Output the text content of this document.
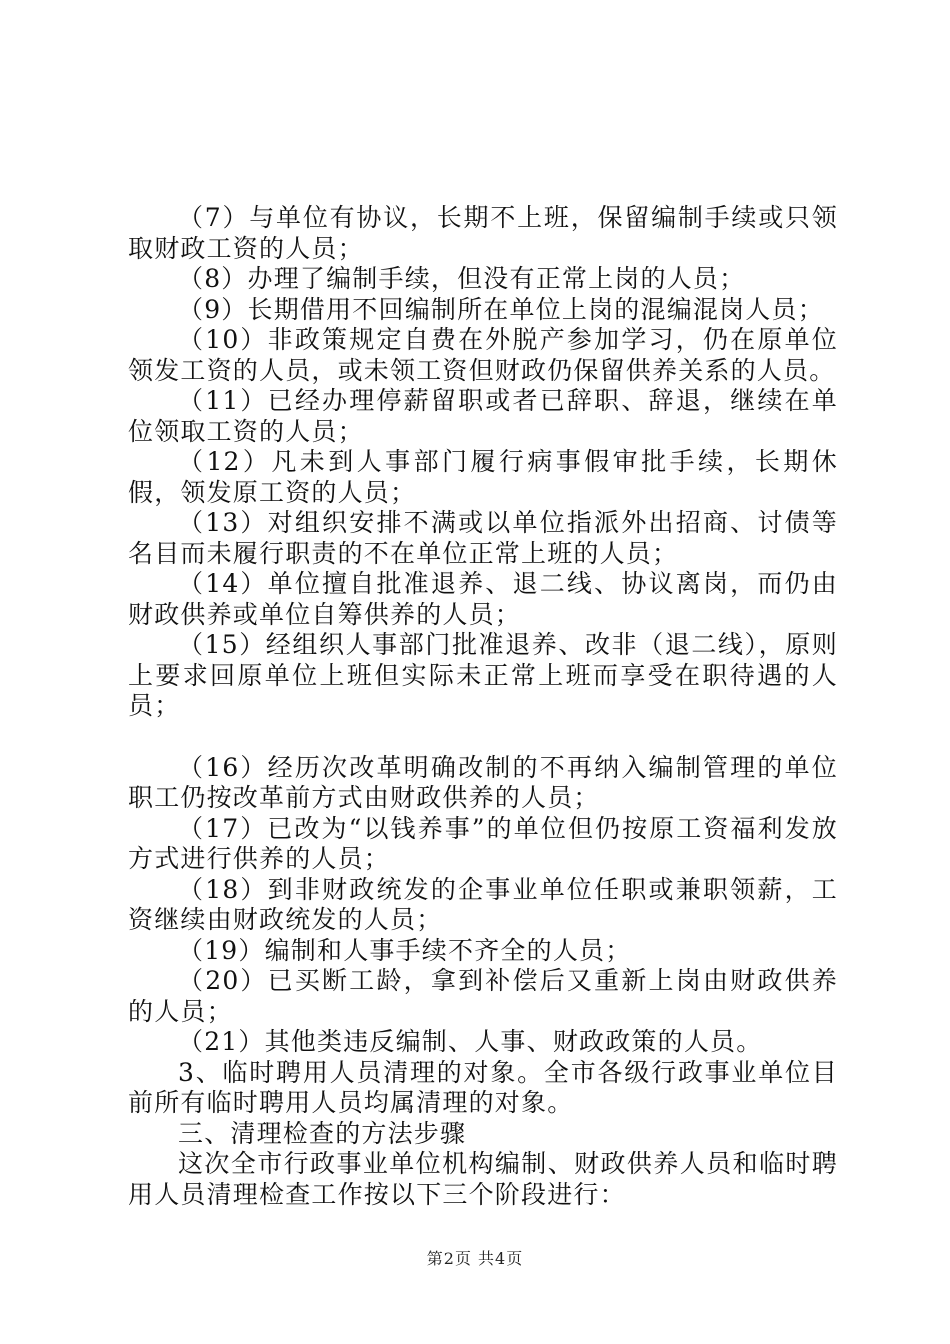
（7）与单位有协议，长期不上班，保留编制手续或只领取财政工资的人员；

（8）办理了编制手续，但没有正常上岗的人员；

（9）长期借用不回编制所在单位上岗的混编混岗人员；

（10）非政策规定自费在外脱产参加学习，仍在原单位领发工资的人员，或未领工资但财政仍保留供养关系的人员。

（11）已经办理停薪留职或者已辞职、辞退，继续在单位领取工资的人员；

（12）凡未到人事部门履行病事假审批手续，长期休假，领发原工资的人员；

（13）对组织安排不满或以单位指派外出招商、讨债等名目而未履行职责的不在单位正常上班的人员；

（14）单位擅自批准退养、退二线、协议离岗，而仍由财政供养或单位自筹供养的人员；

（15）经组织人事部门批准退养、改非（退二线），原则上要求回原单位上班但实际未正常上班而享受在职待遇的人员；

（16）经历次改革明确改制的不再纳入编制管理的单位职工仍按改革前方式由财政供养的人员；

（17）已改为“以钱养事”的单位但仍按原工资福利发放方式进行供养的人员；

（18）到非财政统发的企事业单位任职或兼职领薪，工资继续由财政统发的人员；

（19）编制和人事手续不齐全的人员；

（20）已买断工龄，拿到补偿后又重新上岗由财政供养的人员；

（21）其他类违反编制、人事、财政政策的人员。

3、临时聘用人员清理的对象。全市各级行政事业单位目前所有临时聘用人员均属清理的对象。

三、清理检查的方法步骤

这次全市行政事业单位机构编制、财政供养人员和临时聘用人员清理检查工作按以下三个阶段进行：

第2页 共4页
